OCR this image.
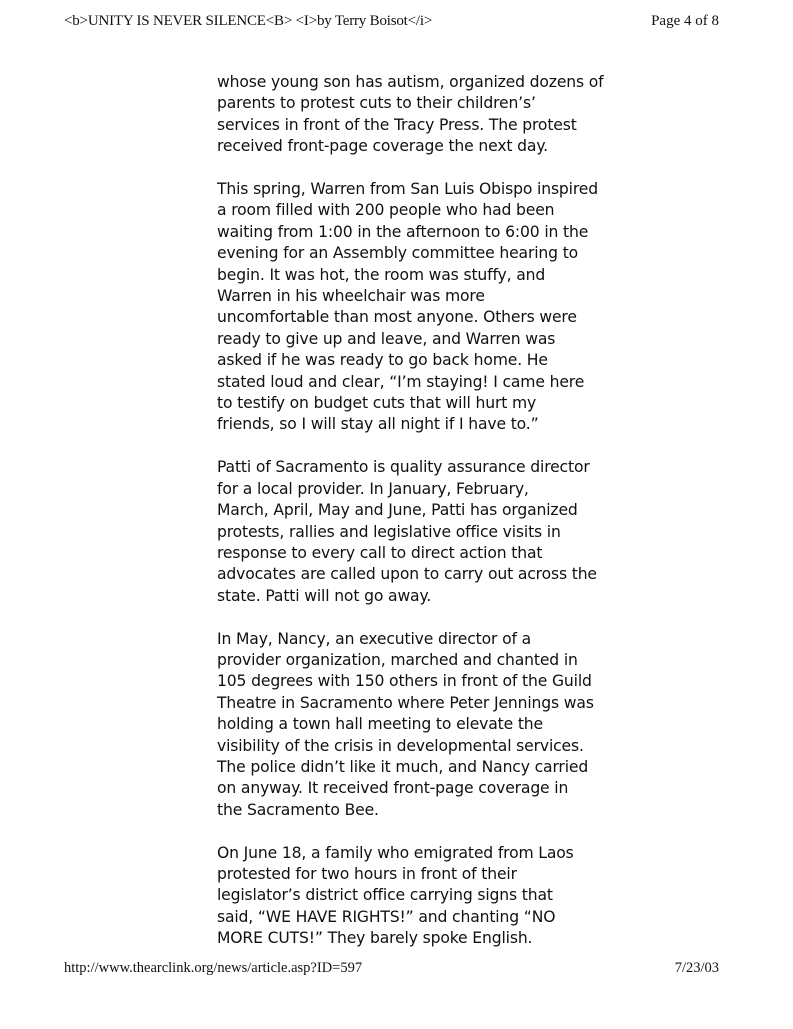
<b>UNITY IS NEVER SILENCE<B> <I>by Terry Boisot</i>	Page 4 of 8

whose young son has autism, organized dozens of
parents to protest cuts to their children’s’
services in front of the Tracy Press. The protest
received front-page coverage the next day.

This spring, Warren from San Luis Obispo inspired
a room filled with 200 people who had been
waiting from 1:00 in the afternoon to 6:00 in the
evening for an Assembly committee hearing to
begin. It was hot, the room was stuffy, and
Warren in his wheelchair was more
uncomfortable than most anyone. Others were
ready to give up and leave, and Warren was
asked if he was ready to go back home. He
stated loud and clear, “I’m staying! I came here
to testify on budget cuts that will hurt my
friends, so I will stay all night if I have to.”

Patti of Sacramento is quality assurance director
for a local provider. In January, February,
March, April, May and June, Patti has organized
protests, rallies and legislative office visits in
response to every call to direct action that
advocates are called upon to carry out across the
state. Patti will not go away.

In May, Nancy, an executive director of a
provider organization, marched and chanted in
105 degrees with 150 others in front of the Guild
Theatre in Sacramento where Peter Jennings was
holding a town hall meeting to elevate the
visibility of the crisis in developmental services.
The police didn’t like it much, and Nancy carried
on anyway. It received front-page coverage in
the Sacramento Bee.

On June 18, a family who emigrated from Laos
protested for two hours in front of their
legislator’s district office carrying signs that
said, “WE HAVE RIGHTS!” and chanting “NO
MORE CUTS!” They barely spoke English.

http://www.thearclink.org/news/article.asp?ID=597	7/23/03
